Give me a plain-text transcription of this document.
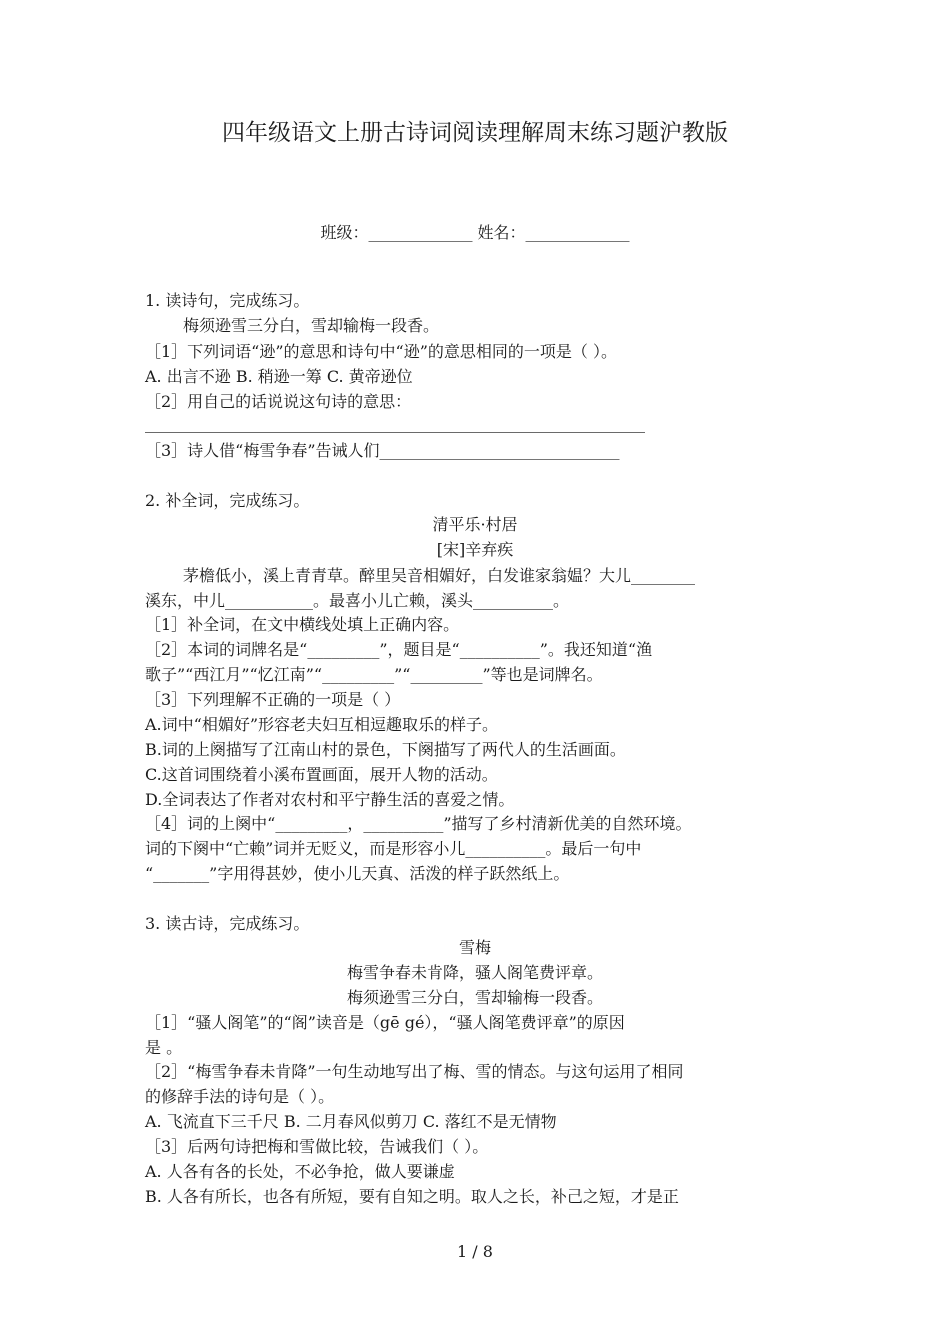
四年级语文上册古诗词阅读理解周末练习题沪教版
班级：_____________ 姓名：_____________
1. 读诗句，完成练习。
梅须逊雪三分白，雪却输梅一段香。
［1］下列词语“逊”的意思和诗句中“逊”的意思相同的一项是（ ）。
A. 出言不逊 B. 稍逊一筹 C. 黄帝逊位
［2］用自己的话说说这句诗的意思：
［3］诗人借“梅雪争春”告诫人们______________________________
2. 补全词，完成练习。
清平乐·村居
[宋]辛弃疾
茅檐低小，溪上青青草。醉里吴音相媚好，白发谁家翁媪？大儿________
溪东，中儿___________。最喜小儿亡赖，溪头__________。
［1］补全词，在文中横线处填上正确内容。
［2］本词的词牌名是“_________”，题目是“__________”。我还知道“渔
歌子”“西江月”“忆江南”“_________”“_________”等也是词牌名。
［3］下列理解不正确的一项是（ ）
A.词中“相媚好”形容老夫妇互相逗趣取乐的样子。
B.词的上阕描写了江南山村的景色，下阕描写了两代人的生活画面。
C.这首词围绕着小溪布置画面，展开人物的活动。
D.全词表达了作者对农村和平宁静生活的喜爱之情。
［4］词的上阕中“_________，__________”描写了乡村清新优美的自然环境。
词的下阕中“亡赖”词并无贬义，而是形容小儿__________。最后一句中
“_______”字用得甚妙，使小儿天真、活泼的样子跃然纸上。
3. 读古诗，完成练习。
雪梅
梅雪争春未肯降，骚人阁笔费评章。
梅须逊雪三分白，雪却输梅一段香。
［1］“骚人阁笔”的“阁”读音是（gē gé），“骚人阁笔费评章”的原因
是 。
［2］“梅雪争春未肯降”一句生动地写出了梅、雪的情态。与这句运用了相同
的修辞手法的诗句是（ ）。
A. 飞流直下三千尺 B. 二月春风似剪刀 C. 落红不是无情物
［3］后两句诗把梅和雪做比较，告诫我们（ ）。
A. 人各有各的长处，不必争抢，做人要谦虚
B. 人各有所长，也各有所短，要有自知之明。取人之长，补己之短，才是正
1 / 8
